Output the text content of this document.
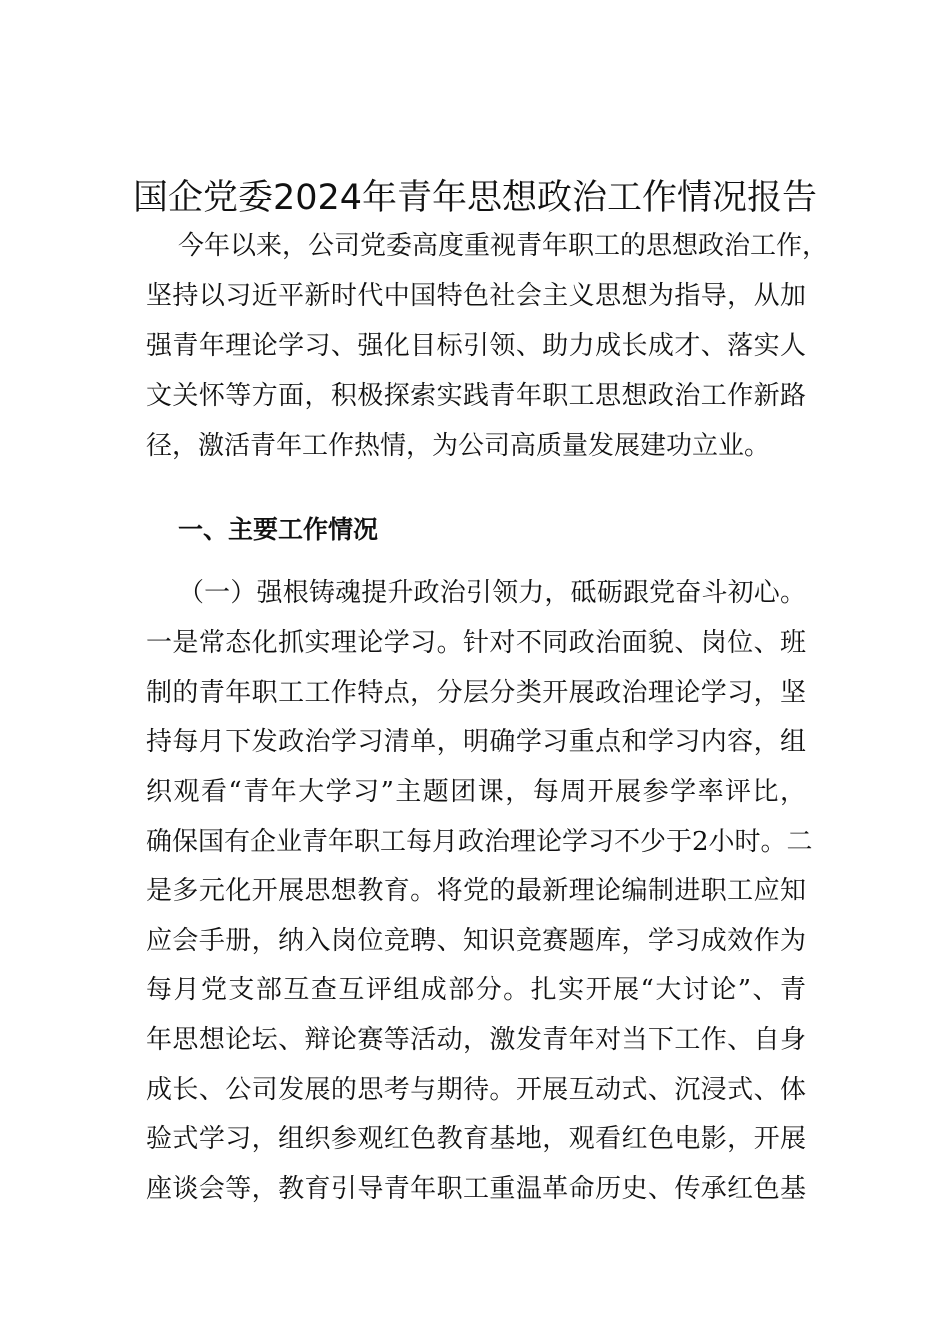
国企党委2024年青年思想政治工作情况报告
今年以来，公司党委高度重视青年职工的思想政治工作，
坚持以习近平新时代中国特色社会主义思想为指导，从加
强青年理论学习、强化目标引领、助力成长成才、落实人
文关怀等方面，积极探索实践青年职工思想政治工作新路
径，激活青年工作热情，为公司高质量发展建功立业。
一、主要工作情况
（一）强根铸魂提升政治引领力，砥砺跟党奋斗初心。
一是常态化抓实理论学习。针对不同政治面貌、岗位、班
制的青年职工工作特点，分层分类开展政治理论学习，坚
持每月下发政治学习清单，明确学习重点和学习内容，组
织观看“青年大学习”主题团课，每周开展参学率评比，
确保国有企业青年职工每月政治理论学习不少于2小时。二
是多元化开展思想教育。将党的最新理论编制进职工应知
应会手册，纳入岗位竞聘、知识竞赛题库，学习成效作为
每月党支部互查互评组成部分。扎实开展“大讨论”、青
年思想论坛、辩论赛等活动，激发青年对当下工作、自身
成长、公司发展的思考与期待。开展互动式、沉浸式、体
验式学习，组织参观红色教育基地，观看红色电影，开展
座谈会等，教育引导青年职工重温革命历史、传承红色基
